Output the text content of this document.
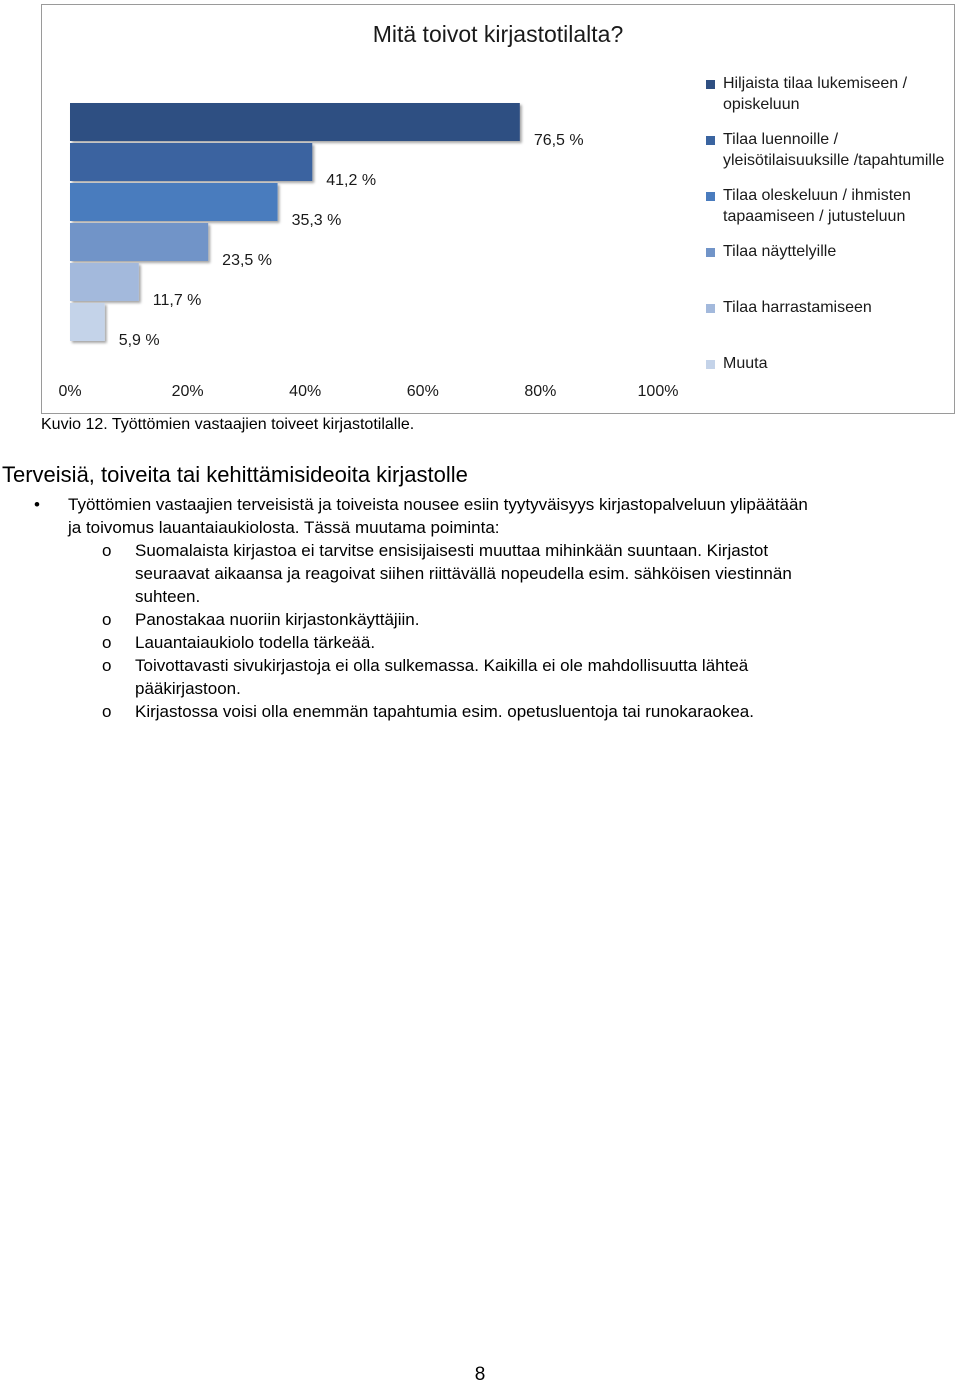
Mitä toivot kirjastotilalta?
76,5 %
41,2 %
35,3 %
23,5 %
11,7 %
5,9 %
0%	20%	40%	60%	80%	100%
Hiljaista tilaa lukemiseen / opiskeluun
Tilaa luennoille / yleisötilaisuuksille /tapahtumille
Tilaa oleskeluun / ihmisten tapaamiseen / jutusteluun
Tilaa näyttelyille
Tilaa harrastamiseen
Muuta
Kuvio 12. Työttömien vastaajien toiveet kirjastotilalle.
Terveisiä, toiveita tai kehittämisideoita kirjastolle
• Työttömien vastaajien terveisistä ja toiveista nousee esiin tyytyväisyys kirjastopalveluun ylipäätään
ja toivomus lauantaiaukiolosta. Tässä muutama poiminta:
o Suomalaista kirjastoa ei tarvitse ensisijaisesti muuttaa mihinkään suuntaan. Kirjastot
seuraavat aikaansa ja reagoivat siihen riittävällä nopeudella esim. sähköisen viestinnän
suhteen.
o Panostakaa nuoriin kirjastonkäyttäjiin.
o Lauantaiaukiolo todella tärkeää.
o Toivottavasti sivukirjastoja ei olla sulkemassa. Kaikilla ei ole mahdollisuutta lähteä
pääkirjastoon.
o Kirjastossa voisi olla enemmän tapahtumia esim. opetusluentoja tai runokaraokea.
8
